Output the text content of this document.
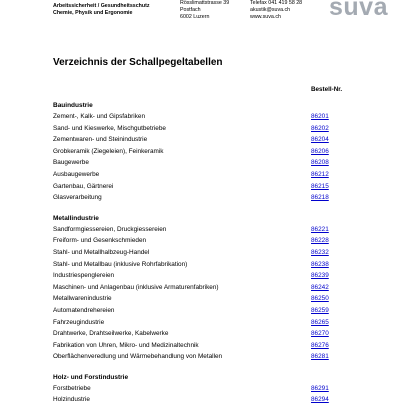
Arbeitssicherheit / Gesundheitsschutz
Chemie, Physik und Ergonomie
Rösslimattstrasse 39
Postfach
6002 Luzern
Telefax 041 419 58 28
akustik@suva.ch
www.suva.ch	suva
Verzeichnis der Schallpegeltabellen
Bestell-Nr.
Bauindustrie
Zement-, Kalk- und Gipsfabriken	86201
Sand- und Kieswerke, Mischgutbetriebe	86202
Zementwaren- und Steinindustrie	86204
Grobkeramik (Ziegeleien), Feinkeramik	86206
Baugewerbe	86208
Ausbaugewerbe	86212
Gartenbau, Gärtnerei	86215
Glasverarbeitung	86218
Metallindustrie
Sandformgiessereien, Druckgiessereien	86221
Freiform- und Gesenkschmieden	86228
Stahl- und Metallhalbzeug-Handel	86232
Stahl- und Metallbau (inklusive Rohrfabrikation)	86238
Industriespenglereien	86239
Maschinen- und Anlagenbau (inklusive Armaturenfabriken)	86242
Metallwarenindustrie	86250
Automatendrehereien	86259
Fahrzeugindustrie	86265
Drahtwerke, Drahtseilwerke, Kabelwerke	86270
Fabrikation von Uhren, Mikro- und Medizinaltechnik	86276
Oberflächenveredlung und Wärmebehandlung von Metallen	86281
Holz- und Forstindustrie
Forstbetriebe	86291
Holzindustrie	86294
